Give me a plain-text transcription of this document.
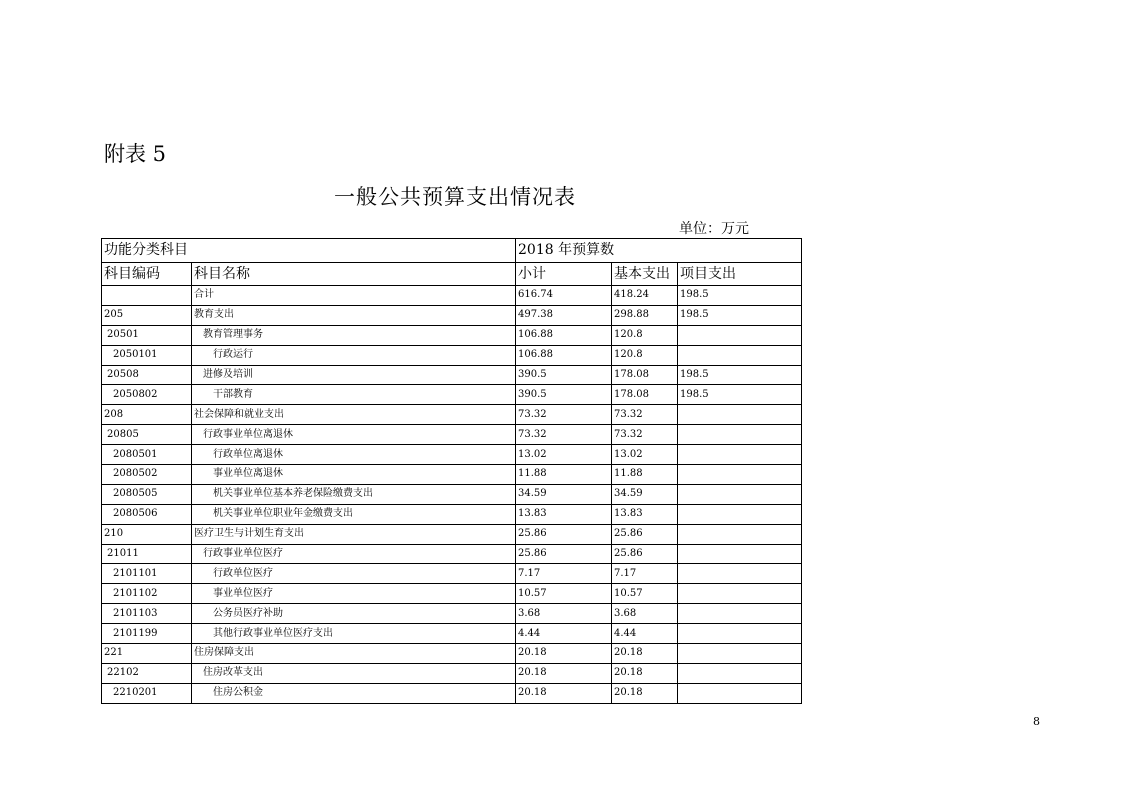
附表 5
一般公共预算支出情况表
单位：万元
功能分类科目		2018 年预算数		
科目编码	科目名称	小计	基本支出	项目支出
	合计	616.74	418.24	198.5
205	教育支出	497.38	298.88	198.5
20501	教育管理事务	106.88	120.8	
2050101	行政运行	106.88	120.8	
20508	进修及培训	390.5	178.08	198.5
2050802	干部教育	390.5	178.08	198.5
208	社会保障和就业支出	73.32	73.32	
20805	行政事业单位离退休	73.32	73.32	
2080501	行政单位离退休	13.02	13.02	
2080502	事业单位离退休	11.88	11.88	
2080505	机关事业单位基本养老保险缴费支出	34.59	34.59	
2080506	机关事业单位职业年金缴费支出	13.83	13.83	
210	医疗卫生与计划生育支出	25.86	25.86	
21011	行政事业单位医疗	25.86	25.86	
2101101	行政单位医疗	7.17	7.17	
2101102	事业单位医疗	10.57	10.57	
2101103	公务员医疗补助	3.68	3.68	
2101199	其他行政事业单位医疗支出	4.44	4.44	
221	住房保障支出	20.18	20.18	
22102	住房改革支出	20.18	20.18	
2210201	住房公积金	20.18	20.18	
8
